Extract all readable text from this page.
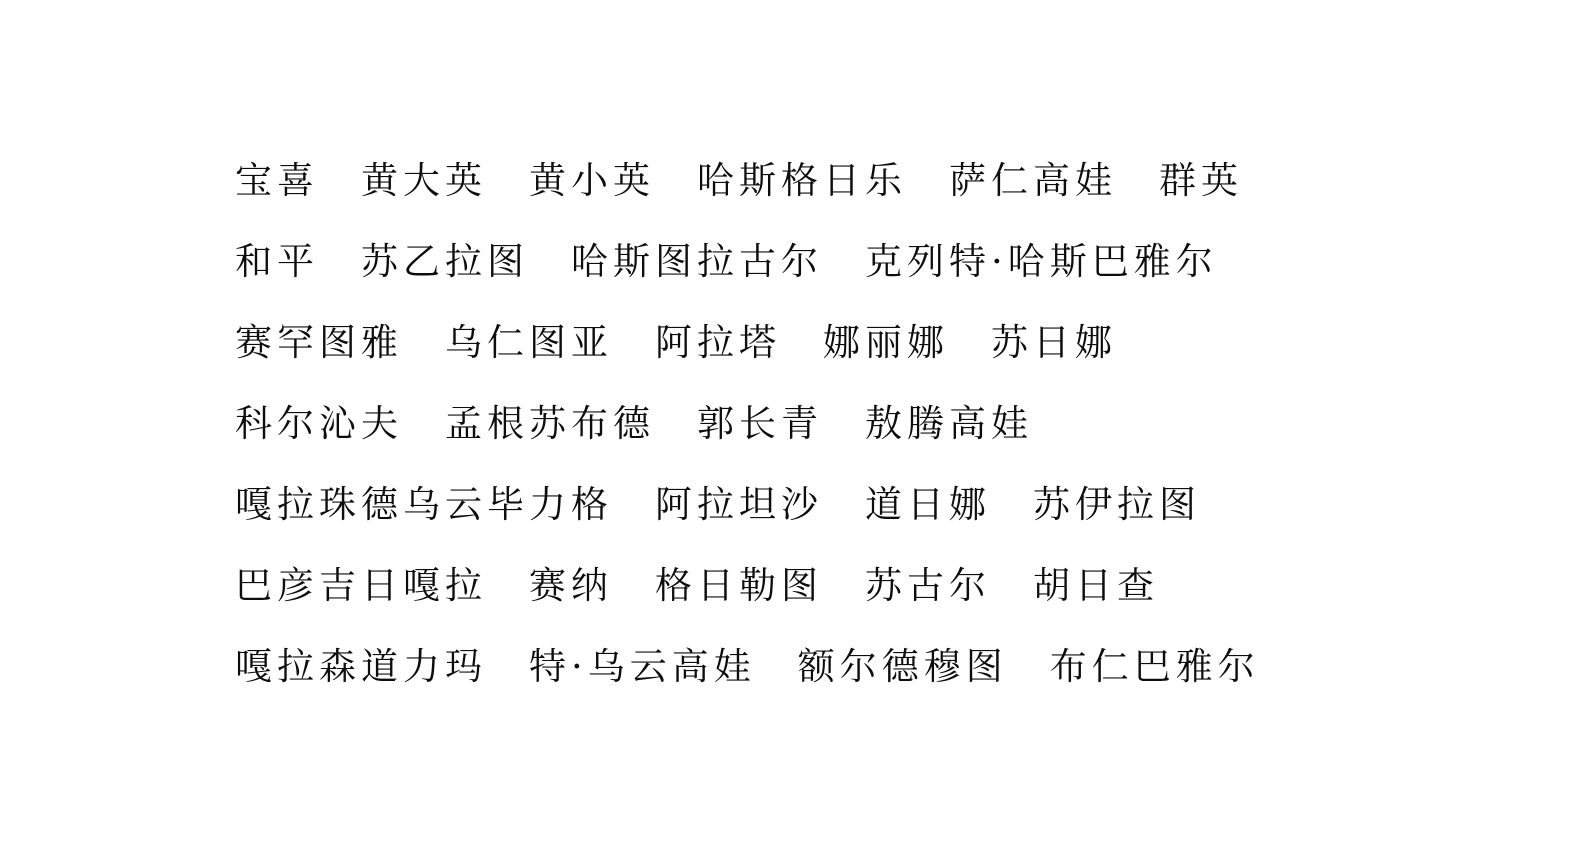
宝喜　黄大英　黄小英　哈斯格日乐　萨仁高娃　群英
和平　苏乙拉图　哈斯图拉古尔　克列特·哈斯巴雅尔
赛罕图雅　乌仁图亚　阿拉塔　娜丽娜　苏日娜
科尔沁夫　孟根苏布德　郭长青　敖腾高娃
嘎拉珠德乌云毕力格　阿拉坦沙　道日娜　苏伊拉图
巴彦吉日嘎拉　赛纳　格日勒图　苏古尔　胡日查
嘎拉森道力玛　特·乌云高娃　额尔德穆图　布仁巴雅尔
